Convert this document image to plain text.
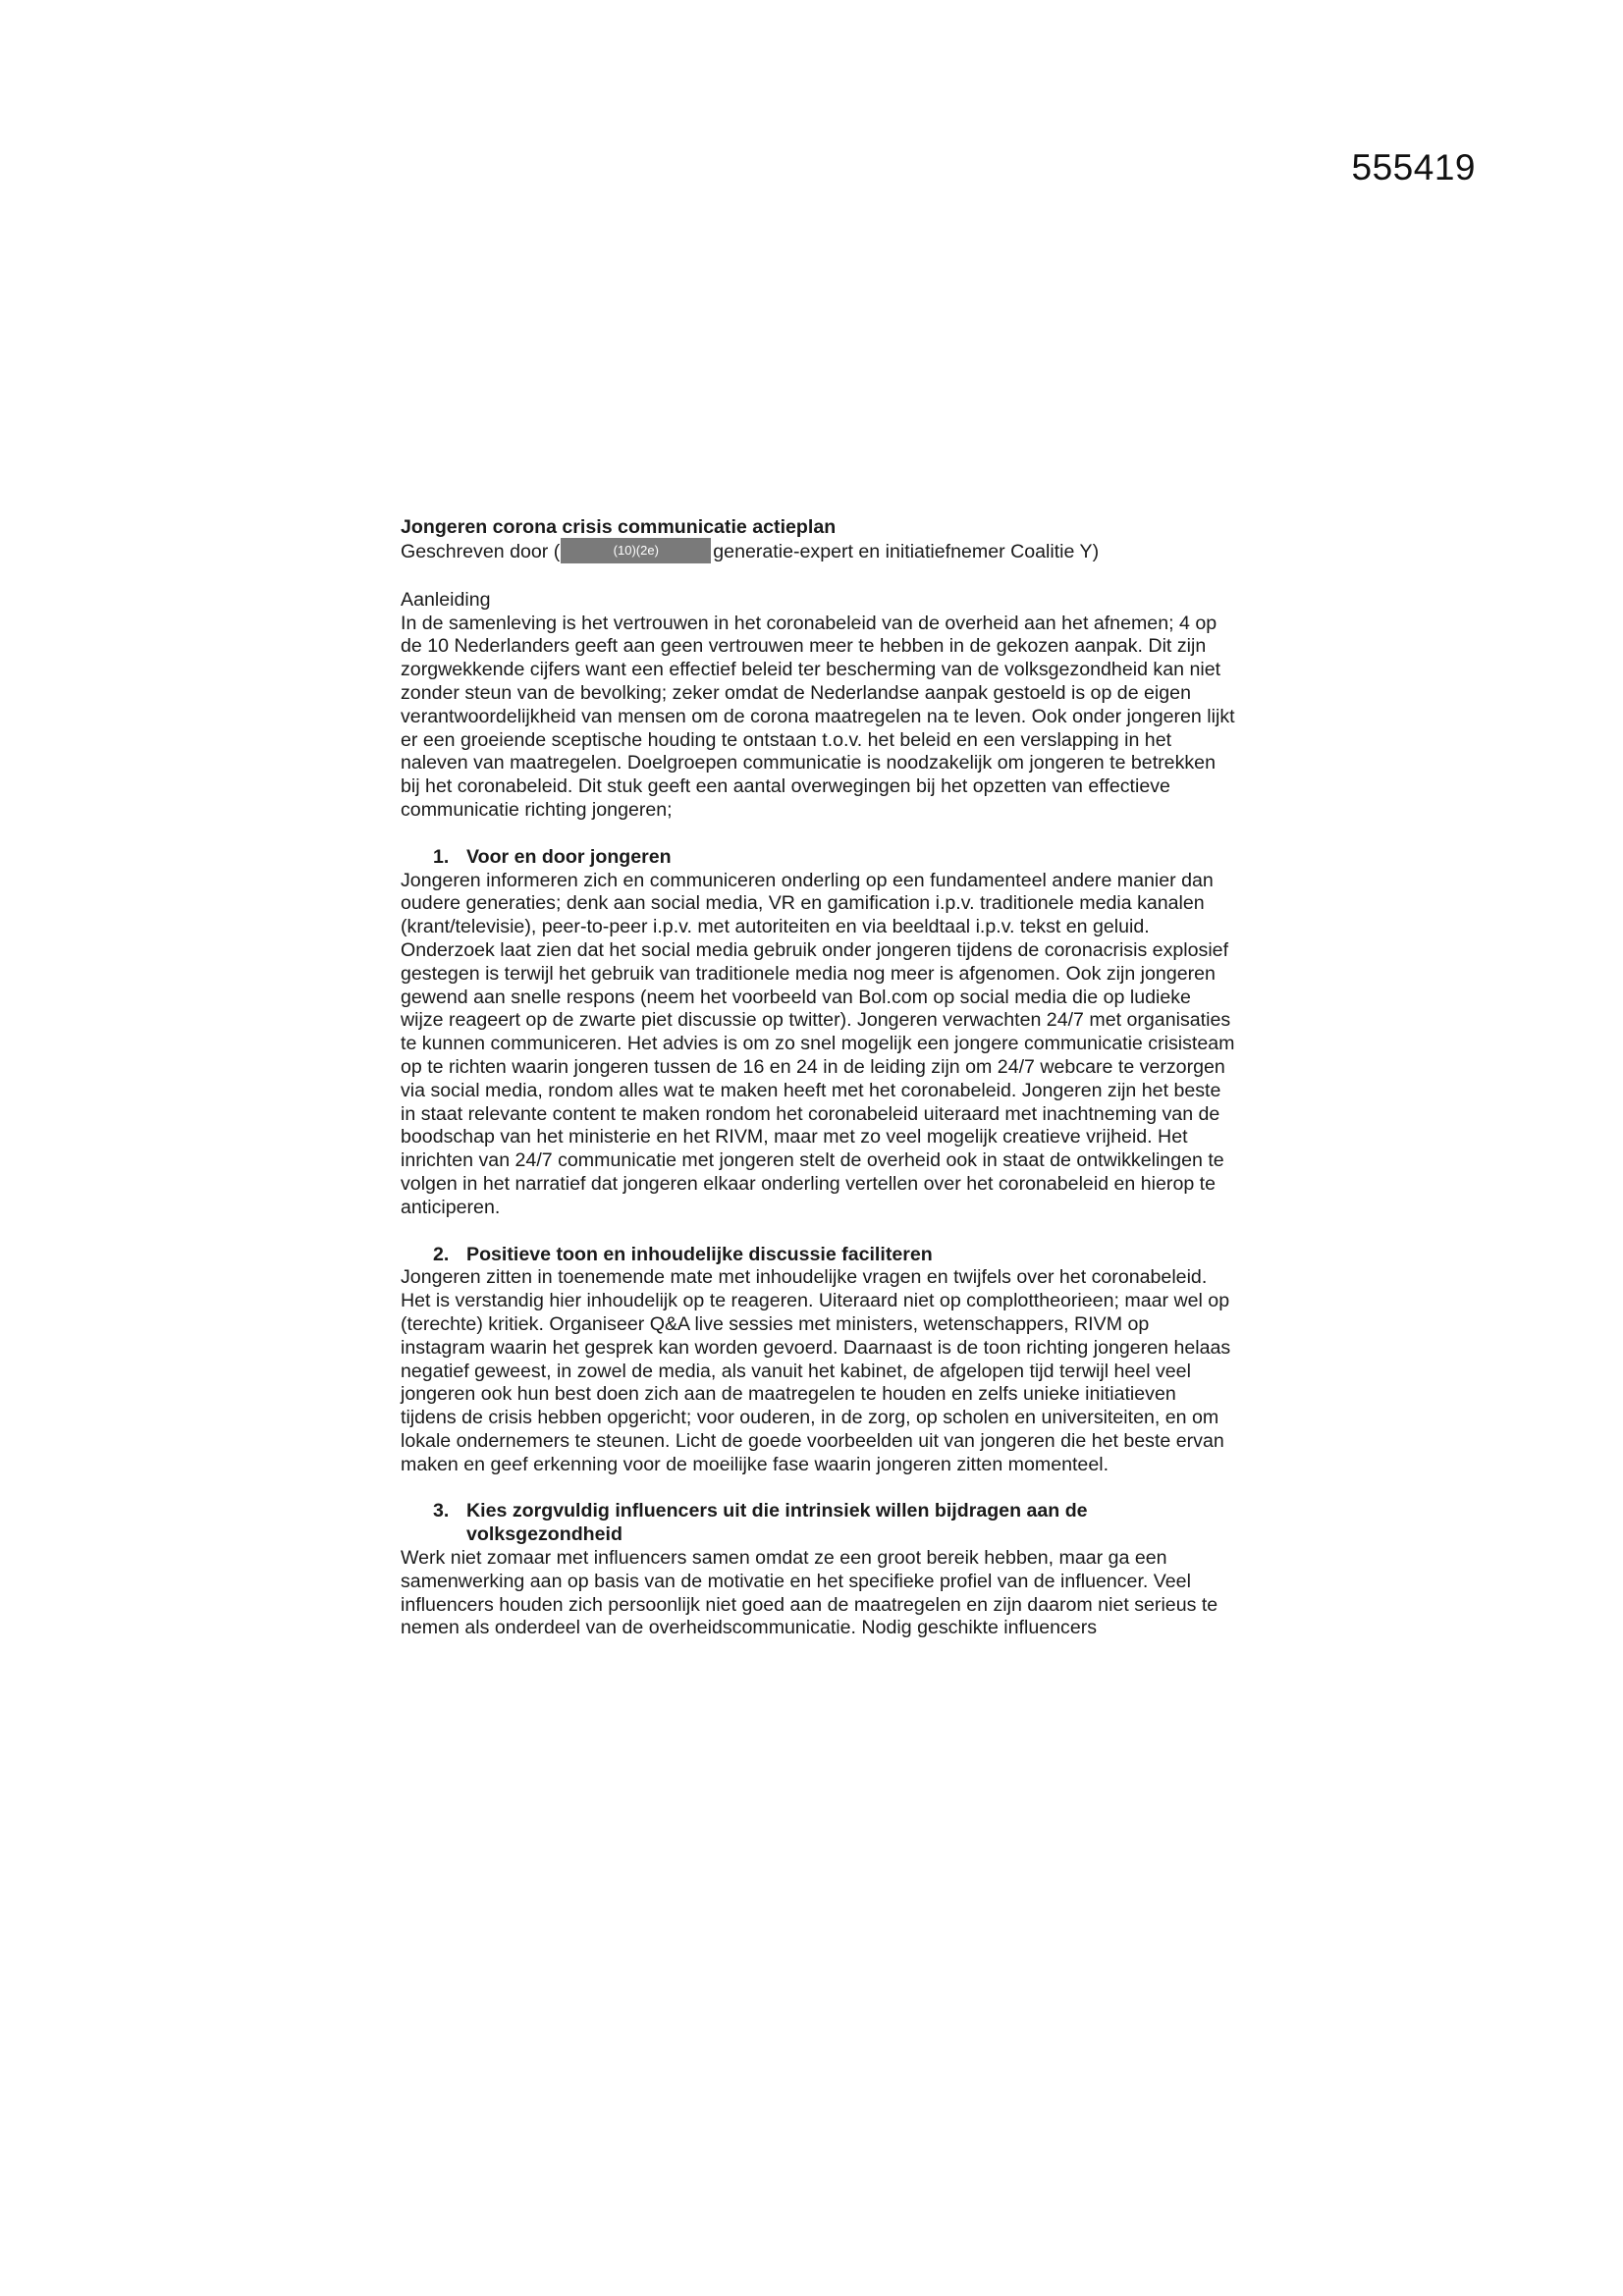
555419

Jongeren corona crisis communicatie actieplan

Geschreven door (	(10)(2e)	generatie-expert en initiatiefnemer Coalitie Y)

Aanleiding

In de samenleving is het vertrouwen in het coronabeleid van de overheid aan het afnemen; 4 op de 10 Nederlanders geeft aan geen vertrouwen meer te hebben in de gekozen aanpak. Dit zijn zorgwekkende cijfers want een effectief beleid ter bescherming van de volksgezondheid kan niet zonder steun van de bevolking; zeker omdat de Nederlandse aanpak gestoeld is op de eigen verantwoordelijkheid van mensen om de corona maatregelen na te leven. Ook onder jongeren lijkt er een groeiende sceptische houding te ontstaan t.o.v. het beleid en een verslapping in het naleven van maatregelen. Doelgroepen communicatie is noodzakelijk om jongeren te betrekken bij het coronabeleid. Dit stuk geeft een aantal overwegingen bij het opzetten van effectieve communicatie richting jongeren;

1. Voor en door jongeren

Jongeren informeren zich en communiceren onderling op een fundamenteel andere manier dan oudere generaties; denk aan social media, VR en gamification i.p.v. traditionele media kanalen (krant/televisie), peer-to-peer i.p.v. met autoriteiten en via beeldtaal i.p.v. tekst en geluid. Onderzoek laat zien dat het social media gebruik onder jongeren tijdens de coronacrisis explosief gestegen is terwijl het gebruik van traditionele media nog meer is afgenomen. Ook zijn jongeren gewend aan snelle respons (neem het voorbeeld van Bol.com op social media die op ludieke wijze reageert op de zwarte piet discussie op twitter). Jongeren verwachten 24/7 met organisaties te kunnen communiceren. Het advies is om zo snel mogelijk een jongere communicatie crisisteam op te richten waarin jongeren tussen de 16 en 24 in de leiding zijn om 24/7 webcare te verzorgen via social media, rondom alles wat te maken heeft met het coronabeleid. Jongeren zijn het beste in staat relevante content te maken rondom het coronabeleid uiteraard met inachtneming van de boodschap van het ministerie en het RIVM, maar met zo veel mogelijk creatieve vrijheid. Het inrichten van 24/7 communicatie met jongeren stelt de overheid ook in staat de ontwikkelingen te volgen in het narratief dat jongeren elkaar onderling vertellen over het coronabeleid en hierop te anticiperen.

2. Positieve toon en inhoudelijke discussie faciliteren

Jongeren zitten in toenemende mate met inhoudelijke vragen en twijfels over het coronabeleid. Het is verstandig hier inhoudelijk op te reageren. Uiteraard niet op complottheorieen; maar wel op (terechte) kritiek. Organiseer Q&A live sessies met ministers, wetenschappers, RIVM op instagram waarin het gesprek kan worden gevoerd. Daarnaast is de toon richting jongeren helaas negatief geweest, in zowel de media, als vanuit het kabinet, de afgelopen tijd terwijl heel veel jongeren ook hun best doen zich aan de maatregelen te houden en zelfs unieke initiatieven tijdens de crisis hebben opgericht; voor ouderen, in de zorg, op scholen en universiteiten, en om lokale ondernemers te steunen. Licht de goede voorbeelden uit van jongeren die het beste ervan maken en geef erkenning voor de moeilijke fase waarin jongeren zitten momenteel.

3. Kies zorgvuldig influencers uit die intrinsiek willen bijdragen aan de volksgezondheid

Werk niet zomaar met influencers samen omdat ze een groot bereik hebben, maar ga een samenwerking aan op basis van de motivatie en het specifieke profiel van de influencer. Veel influencers houden zich persoonlijk niet goed aan de maatregelen en zijn daarom niet serieus te nemen als onderdeel van de overheidscommunicatie. Nodig geschikte influencers
